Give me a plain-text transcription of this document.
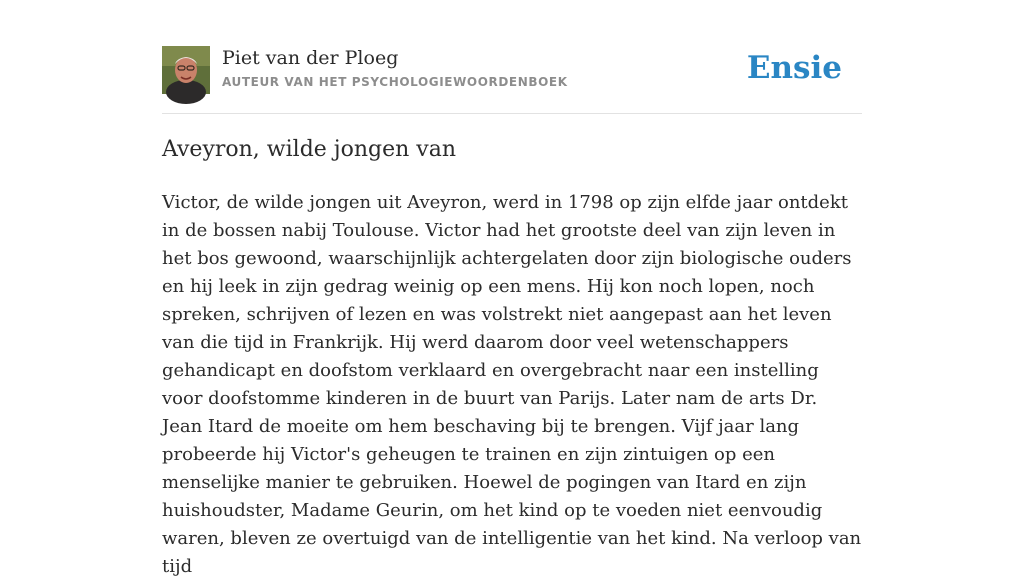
Piet van der Ploeg
AUTEUR VAN HET PSYCHOLOGIEWOORDENBOEK	Ensie
Aveyron, wilde jongen van

Victor, de wilde jongen uit Aveyron, werd in 1798 op zijn elfde jaar ontdekt in de bossen nabij Toulouse. Victor had het grootste deel van zijn leven in het bos gewoond, waarschijnlijk achtergelaten door zijn biologische ouders en hij leek in zijn gedrag weinig op een mens. Hij kon noch lopen, noch spreken, schrijven of lezen en was volstrekt niet aangepast aan het leven van die tijd in Frankrijk. Hij werd daarom door veel wetenschappers gehandicapt en doofstom verklaard en overgebracht naar een instelling voor doofstomme kinderen in de buurt van Parijs. Later nam de arts Dr. Jean Itard de moeite om hem beschaving bij te brengen. Vijf jaar lang probeerde hij Victor's geheugen te trainen en zijn zintuigen op een menselijke manier te gebruiken. Hoewel de pogingen van Itard en zijn huishoudster, Madame Geurin, om het kind op te voeden niet eenvoudig waren, bleven ze overtuigd van de intelligentie van het kind. Na verloop van tijd
